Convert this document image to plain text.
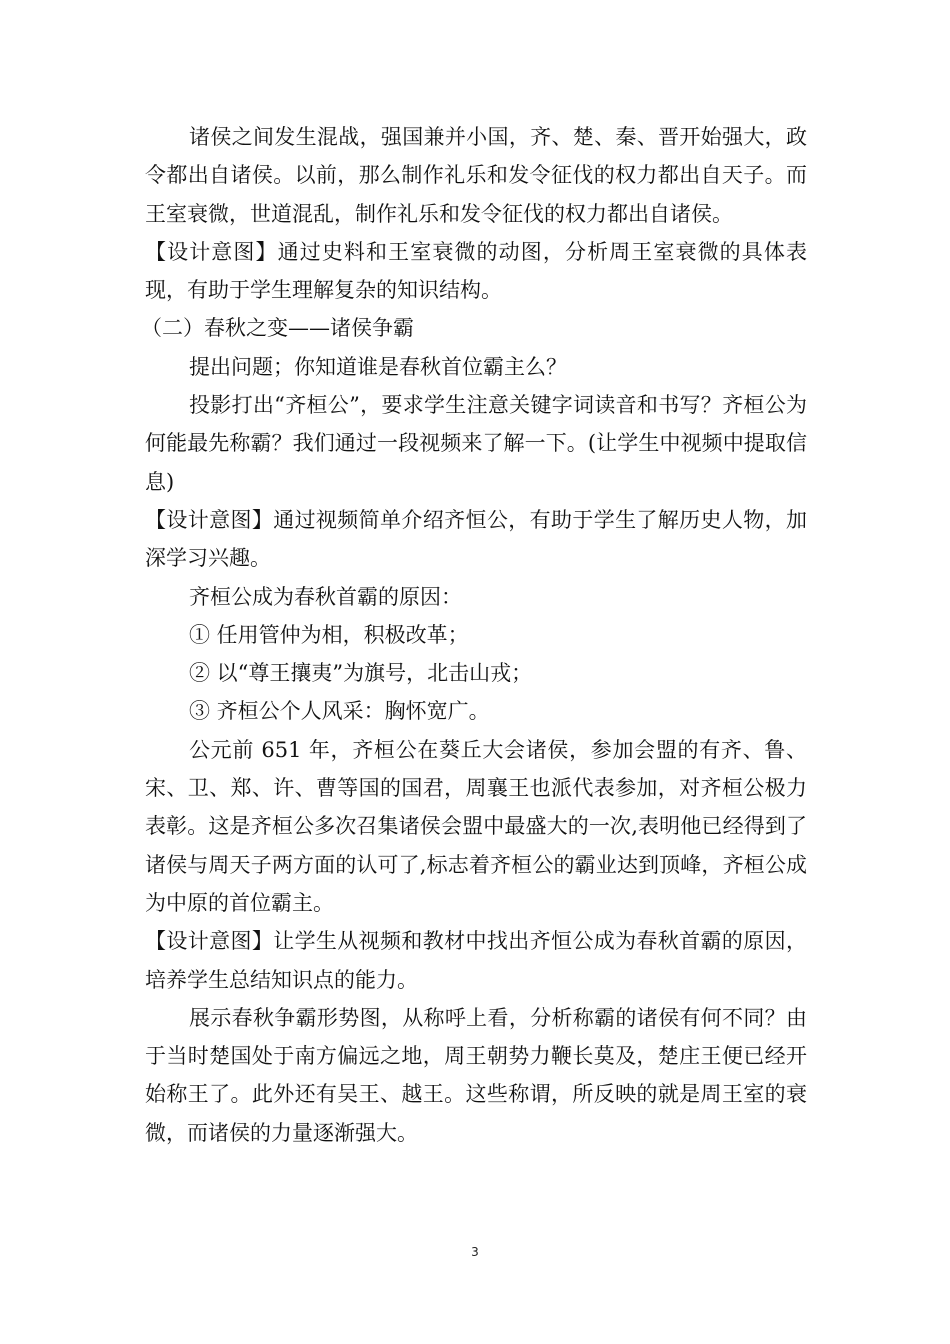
诸侯之间发生混战，强国兼并小国，齐、楚、秦、晋开始强大，政令都出自诸侯。以前，那么制作礼乐和发令征伐的权力都出自天子。而王室衰微，世道混乱，制作礼乐和发令征伐的权力都出自诸侯。

【设计意图】通过史料和王室衰微的动图，分析周王室衰微的具体表现，有助于学生理解复杂的知识结构。

（二）春秋之变——诸侯争霸

提出问题；你知道谁是春秋首位霸主么？

投影打出“齐桓公”，要求学生注意关键字词读音和书写？齐桓公为何能最先称霸？我们通过一段视频来了解一下。(让学生中视频中提取信息)

【设计意图】通过视频简单介绍齐恒公，有助于学生了解历史人物，加深学习兴趣。

齐桓公成为春秋首霸的原因：

① 任用管仲为相，积极改革；

② 以“尊王攘夷”为旗号，北击山戎；

③ 齐桓公个人风采：胸怀宽广。

公元前 651 年，齐桓公在葵丘大会诸侯，参加会盟的有齐、鲁、宋、卫、郑、许、曹等国的国君，周襄王也派代表参加，对齐桓公极力表彰。这是齐桓公多次召集诸侯会盟中最盛大的一次,表明他已经得到了诸侯与周天子两方面的认可了,标志着齐桓公的霸业达到顶峰，齐桓公成为中原的首位霸主。

【设计意图】让学生从视频和教材中找出齐恒公成为春秋首霸的原因，培养学生总结知识点的能力。

展示春秋争霸形势图，从称呼上看，分析称霸的诸侯有何不同？由于当时楚国处于南方偏远之地，周王朝势力鞭长莫及，楚庄王便已经开始称王了。此外还有吴王、越王。这些称谓，所反映的就是周王室的衰微，而诸侯的力量逐渐强大。

3
